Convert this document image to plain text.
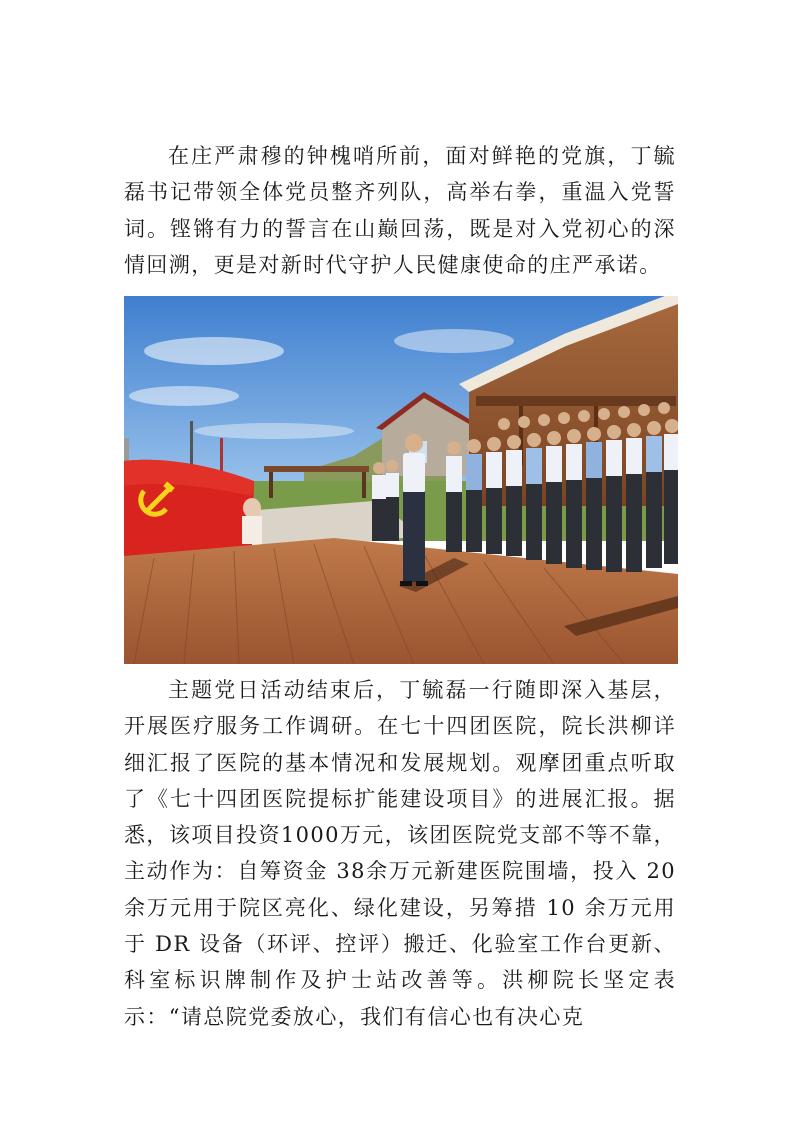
在庄严肃穆的钟槐哨所前，面对鲜艳的党旗，丁毓磊书记带领全体党员整齐列队，高举右拳，重温入党誓词。铿锵有力的誓言在山巅回荡，既是对入党初心的深情回溯，更是对新时代守护人民健康使命的庄严承诺。

主题党日活动结束后，丁毓磊一行随即深入基层，开展医疗服务工作调研。在七十四团医院，院长洪柳详细汇报了医院的基本情况和发展规划。观摩团重点听取了《七十四团医院提标扩能建设项目》的进展汇报。据悉，该项目投资1000万元，该团医院党支部不等不靠，主动作为：自筹资金 38余万元新建医院围墙，投入 20 余万元用于院区亮化、绿化建设，另筹措 10 余万元用于 DR 设备（环评、控评）搬迁、化验室工作台更新、科室标识牌制作及护士站改善等。洪柳院长坚定表示：“请总院党委放心，我们有信心也有决心克
